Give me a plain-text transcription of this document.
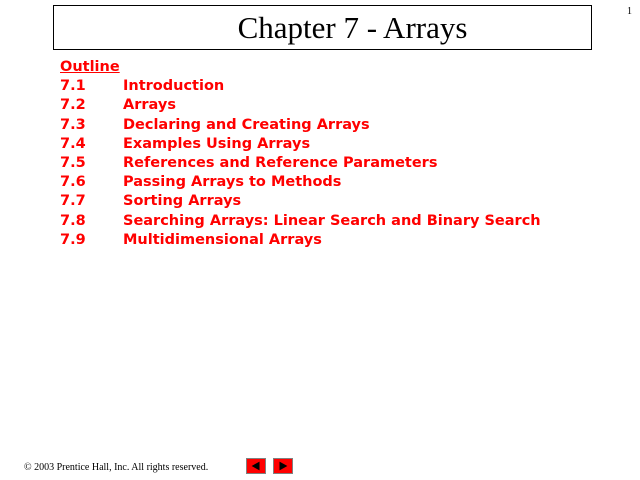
1
Chapter 7 - Arrays
Outline
7.1	Introduction
7.2	Arrays
7.3	Declaring and Creating Arrays
7.4	Examples Using Arrays
7.5	References and Reference Parameters
7.6	Passing Arrays to Methods
7.7	Sorting Arrays
7.8	Searching Arrays: Linear Search and Binary Search
7.9	Multidimensional Arrays
© 2003 Prentice Hall, Inc. All rights reserved.
